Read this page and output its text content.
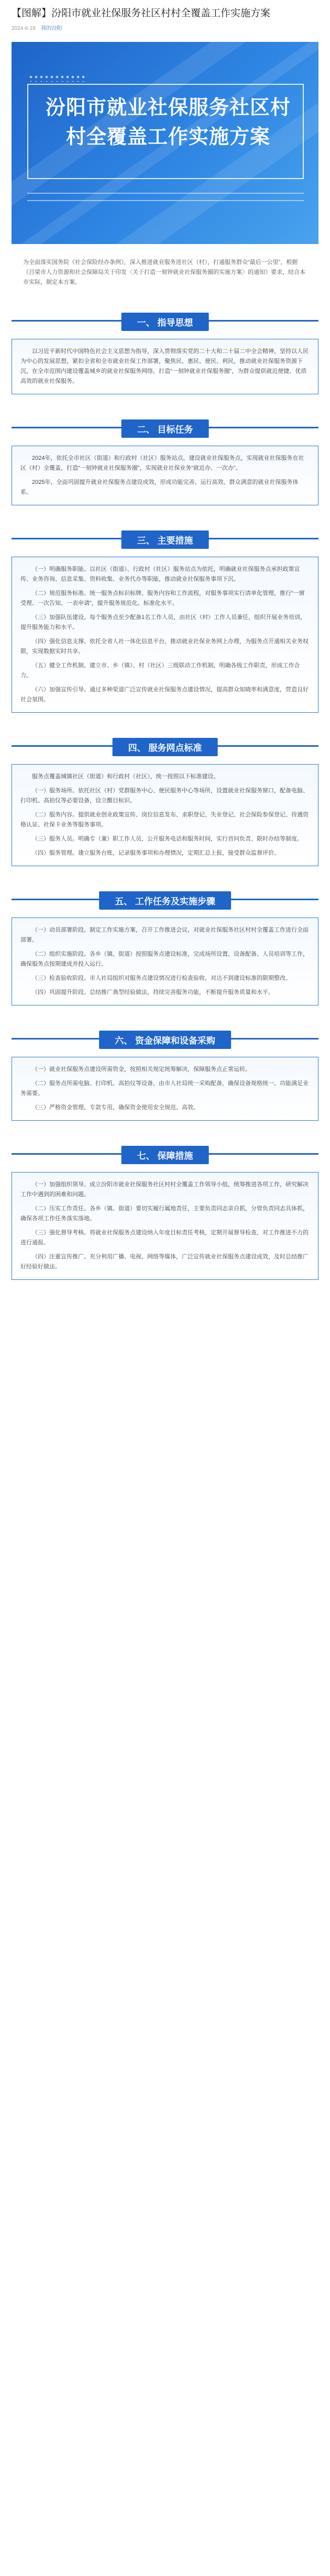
【图解】汾阳市就业社保服务社区村村全覆盖工作实施方案
2024-6-19 我的汾阳
汾阳市就业社保服务社区村
村全覆盖工作实施方案
为全面落实国务院《社会保险经办条例》，深入推进就业服务进社区（村），打通服务群众“最后一公里”，根据《吕梁市人力资源和社会保障局关于印发〈关于打造一刻钟就业社保服务圈的实施方案〉的通知》要求，结合本市实际，制定本方案。
一、 指导思想

以习近平新时代中国特色社会主义思想为指导，深入贯彻落实党的二十大和二十届二中全会精神，坚持以人民为中心的发展思想，紧扣全省和全市就业社保工作部署，聚焦民、惠民、便民、利民，推动就业社保服务资源下沉，在全市范围内建设覆盖城乡的就业社保服务网络，打造“一刻钟就业社保服务圈”，为群众提供就近便捷、优质高效的就业社保服务。

二、 目标任务

2024年，依托全市社区（街道）和行政村（社区）服务站点，建设就业社保服务点，实现就业社保服务在社区（村）全覆盖，打造“一刻钟就业社保服务圈”，实现就业社保业务“就近办、一次办”。

2025年，全面巩固提升就业社保服务点建设成效，形成功能完善、运行高效、群众满意的就业社保服务体系。

三、 主要措施

（一）明确服务职能。以社区（街道）、行政村（社区）服务站点为依托，明确就业社保服务点承担政策宣传、业务咨询、信息采集、资料收集、业务代办等职能，推动就业社保服务事项下沉。

（二）规范服务标准。统一服务点标识标牌、服务内容和工作流程，对服务事项实行清单化管理，推行“一窗受理、一次告知、一表申请”，提升服务规范化、标准化水平。

（三）加强队伍建设。每个服务点至少配备1名工作人员，由社区（村）工作人员兼任，组织开展业务培训，提升服务能力和水平。

（四）强化信息支撑。依托全省人社一体化信息平台，推动就业社保业务网上办理，为服务点开通相关业务权限，实现数据实时共享。

（五）健全工作机制。建立市、乡（镇）、村（社区）三级联动工作机制，明确各级工作职责，形成工作合力。

（六）加强宣传引导。通过多种渠道广泛宣传就业社保服务点建设情况，提高群众知晓率和满意度，营造良好社会氛围。

四、 服务网点标准

服务点覆盖城镇社区（街道）和行政村（社区），统一按照以下标准建设。

（一）服务场所。依托社区（村）党群服务中心、便民服务中心等场所，设置就业社保服务窗口，配备电脑、打印机、高拍仪等必要设备，设立醒目标识。

（二）服务内容。提供就业创业政策宣传、岗位信息发布、求职登记、失业登记、社会保险参保登记、待遇资格认证、社保卡业务等服务事项。

（三）服务人员。明确专（兼）职工作人员，公开服务电话和服务时间，实行首问负责、限时办结等制度。

（四）服务管理。建立服务台账，记录服务事项和办理情况，定期汇总上报，接受群众监督评价。

五、 工作任务及实施步骤

（一）动员部署阶段。制定工作实施方案，召开工作推进会议，对就业社保服务社区村村全覆盖工作进行全面部署。

（二）组织实施阶段。各乡（镇、街道）按照服务点建设标准，完成场所设置、设备配备、人员培训等工作，确保服务点按期建成并投入运行。

（三）检查验收阶段。市人社局组织对服务点建设情况进行检查验收，对达不到建设标准的限期整改。

（四）巩固提升阶段。总结推广典型经验做法，持续完善服务功能，不断提升服务质量和水平。

六、 资金保障和设备采购

（一）就业社保服务点建设所需资金，按照相关规定统筹解决，保障服务点正常运转。

（二）服务点所需电脑、打印机、高拍仪等设备，由市人社局统一采购配备，确保设备规格统一、功能满足业务需要。

（三）严格资金管理，专款专用，确保资金使用安全规范、高效。

七、 保障措施

（一）加强组织领导。成立汾阳市就业社保服务社区村村全覆盖工作领导小组，统筹推进各项工作，研究解决工作中遇到的困难和问题。

（二）压实工作责任。各乡（镇、街道）要切实履行属地责任，主要负责同志亲自抓，分管负责同志具体抓，确保各项工作任务落实落地。

（三）强化督导考核。将就业社保服务点建设纳入年度目标责任考核，定期开展督导检查，对工作推进不力的进行通报。

（四）注重宣传推广。充分利用广播、电视、网络等媒体，广泛宣传就业社保服务点建设成效，及时总结推广好经验好做法。
